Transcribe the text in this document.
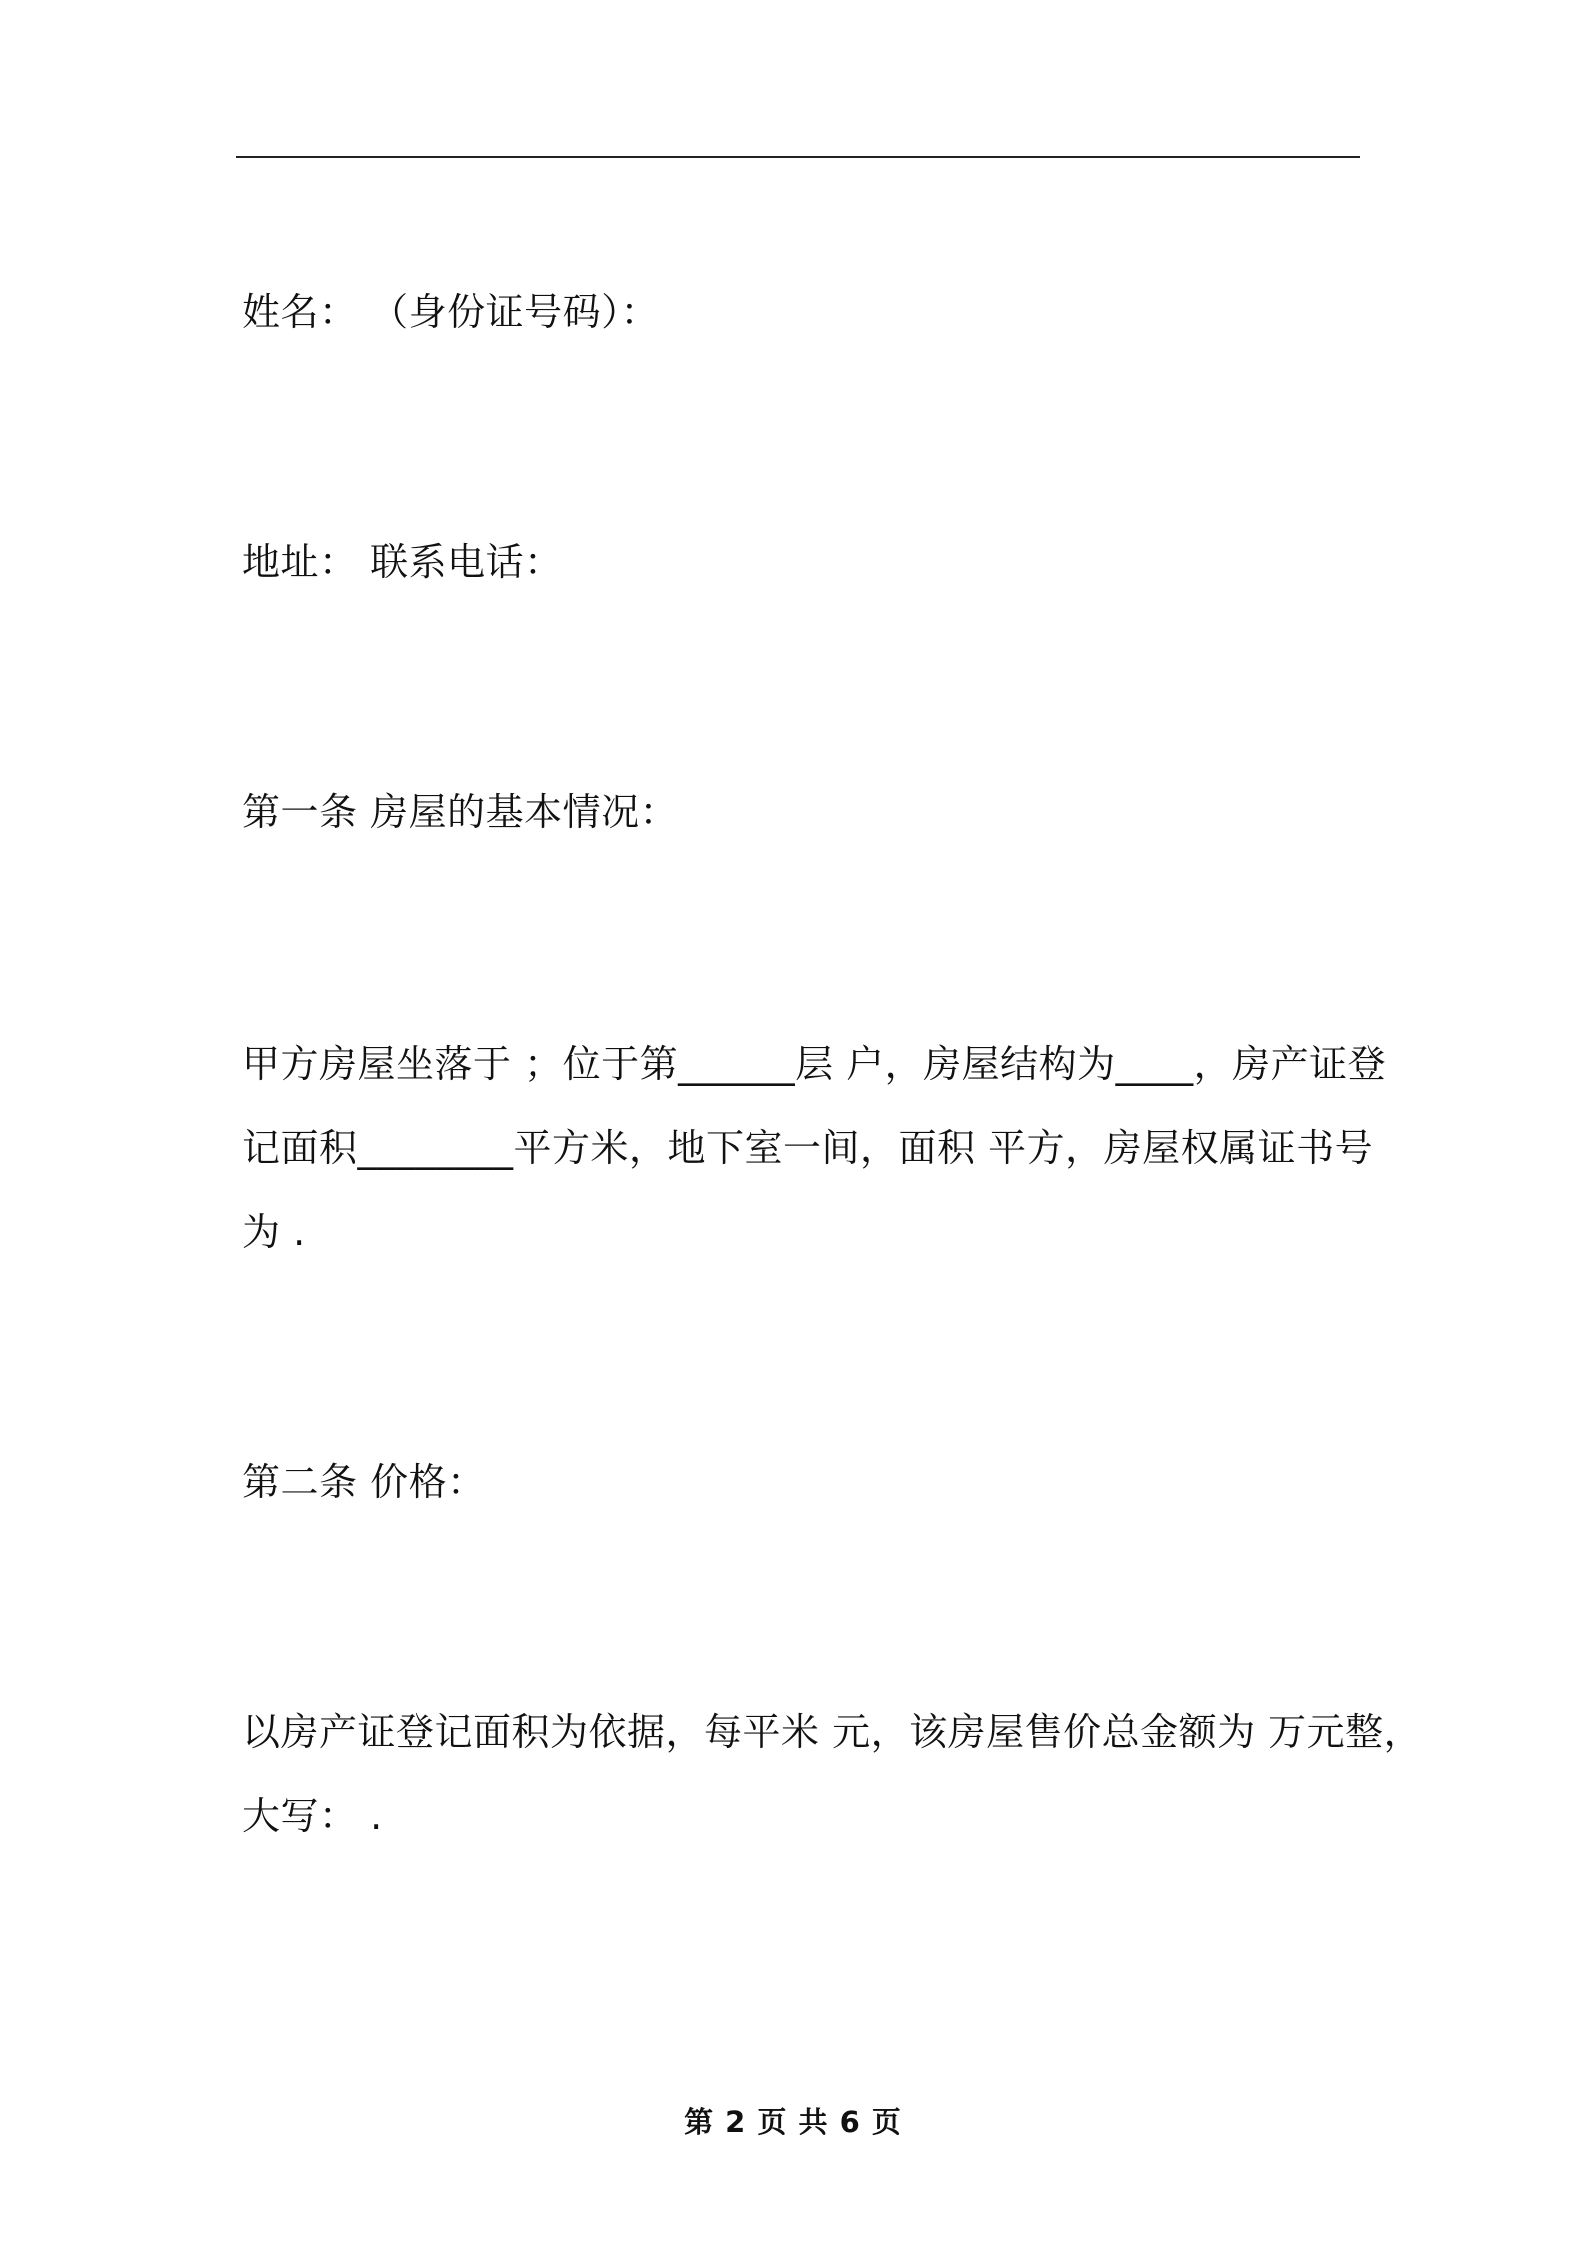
姓名： （身份证号码）：
地址： 联系电话：
第一条 房屋的基本情况：
甲方房屋坐落于 ；位于第______层 户，房屋结构为____，房产证登
记面积________平方米，地下室一间，面积 平方，房屋权属证书号
为 .
第二条 价格：
以房产证登记面积为依据，每平米 元，该房屋售价总金额为 万元整，
大写： .
第 2 页 共 6 页
